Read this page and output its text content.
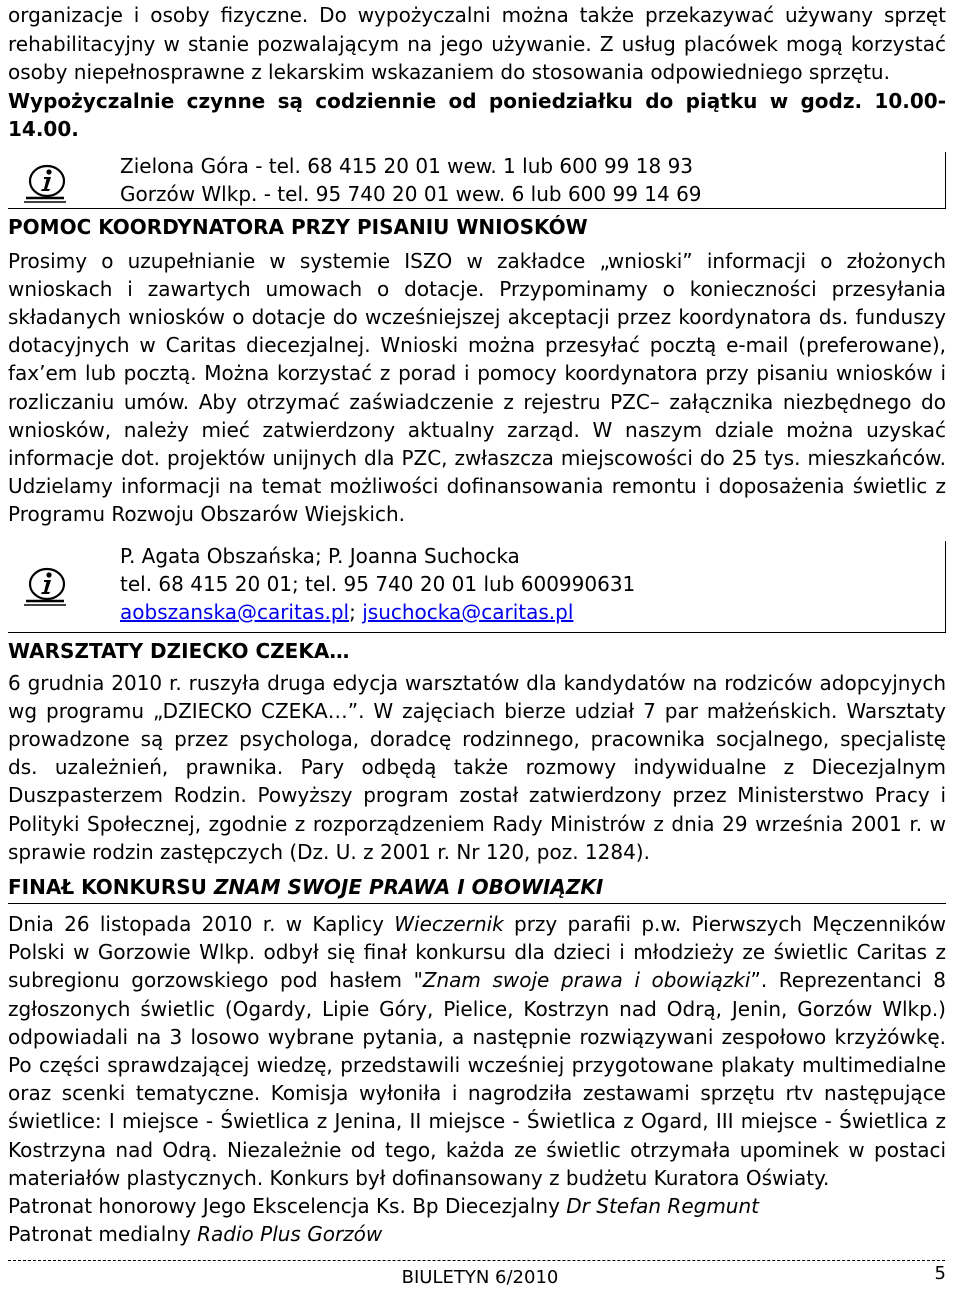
organizacje i osoby fizyczne. Do wypożyczalni można także przekazywać używany sprzęt rehabilitacyjny w stanie pozwalającym na jego używanie. Z usług placówek mogą korzystać osoby niepełnosprawne z lekarskim wskazaniem do stosowania odpowiedniego sprzętu.

Wypożyczalnie czynne są codziennie od poniedziałku do piątku w godz. 10.00-14.00.

Zielona Góra - tel. 68 415 20 01 wew. 1 lub 600 99 18 93

Gorzów Wlkp. - tel. 95 740 20 01 wew. 6 lub 600 99 14 69

POMOC KOORDYNATORA PRZY PISANIU WNIOSKÓW

Prosimy o uzupełnianie w systemie ISZO w zakładce „wnioski” informacji o złożonych wnioskach i zawartych umowach o dotacje. Przypominamy o konieczności przesyłania składanych wniosków o dotacje do wcześniejszej akceptacji przez koordynatora ds. funduszy dotacyjnych w Caritas diecezjalnej. Wnioski można przesyłać pocztą e-mail (preferowane), fax’em lub pocztą. Można korzystać z porad i pomocy koordynatora przy pisaniu wniosków i rozliczaniu umów. Aby otrzymać zaświadczenie z rejestru PZC– załącznika niezbędnego do wniosków, należy mieć zatwierdzony aktualny zarząd. W naszym dziale można uzyskać informacje dot. projektów unijnych dla PZC, zwłaszcza miejscowości do 25 tys. mieszkańców. Udzielamy informacji na temat możliwości dofinansowania remontu i doposażenia świetlic z Programu Rozwoju Obszarów Wiejskich.

P. Agata Obszańska; P. Joanna Suchocka

tel. 68 415 20 01; tel. 95 740 20 01 lub 600990631

aobszanska@caritas.pl; jsuchocka@caritas.pl

WARSZTATY DZIECKO CZEKA…

6 grudnia 2010 r. ruszyła druga edycja warsztatów dla kandydatów na rodziców adopcyjnych wg programu „DZIECKO CZEKA…”. W zajęciach bierze udział 7 par małżeńskich. Warsztaty prowadzone są przez psychologa, doradcę rodzinnego, pracownika socjalnego, specjalistę ds. uzależnień, prawnika. Pary odbędą także rozmowy indywidualne z Diecezjalnym Duszpasterzem Rodzin. Powyższy program został zatwierdzony przez Ministerstwo Pracy i Polityki Społecznej, zgodnie z rozporządzeniem Rady Ministrów z dnia 29 września 2001 r. w sprawie rodzin zastępczych (Dz. U. z 2001 r. Nr 120, poz. 1284).

FINAŁ KONKURSU ZNAM SWOJE PRAWA I OBOWIĄZKI

Dnia 26 listopada 2010 r. w Kaplicy Wieczernik przy parafii p.w. Pierwszych Męczenników Polski w Gorzowie Wlkp. odbył się finał konkursu dla dzieci i młodzieży ze świetlic Caritas z subregionu gorzowskiego pod hasłem "Znam swoje prawa i obowiązki”. Reprezentanci 8 zgłoszonych świetlic (Ogardy, Lipie Góry, Pielice, Kostrzyn nad Odrą, Jenin, Gorzów Wlkp.) odpowiadali na 3 losowo wybrane pytania, a następnie rozwiązywani zespołowo krzyżówkę. Po części sprawdzającej wiedzę, przedstawili wcześniej przygotowane plakaty multimedialne oraz scenki tematyczne. Komisja wyłoniła i nagrodziła zestawami sprzętu rtv następujące świetlice: I miejsce - Świetlica z Jenina, II miejsce - Świetlica z Ogard, III miejsce - Świetlica z Kostrzyna nad Odrą. Niezależnie od tego, każda ze świetlic otrzymała upominek w postaci materiałów plastycznych. Konkurs był dofinansowany z budżetu Kuratora Oświaty.

Patronat honorowy Jego Ekscelencja Ks. Bp Diecezjalny Dr Stefan Regmunt

Patronat medialny Radio Plus Gorzów

BIULETYN 6/2010	5
